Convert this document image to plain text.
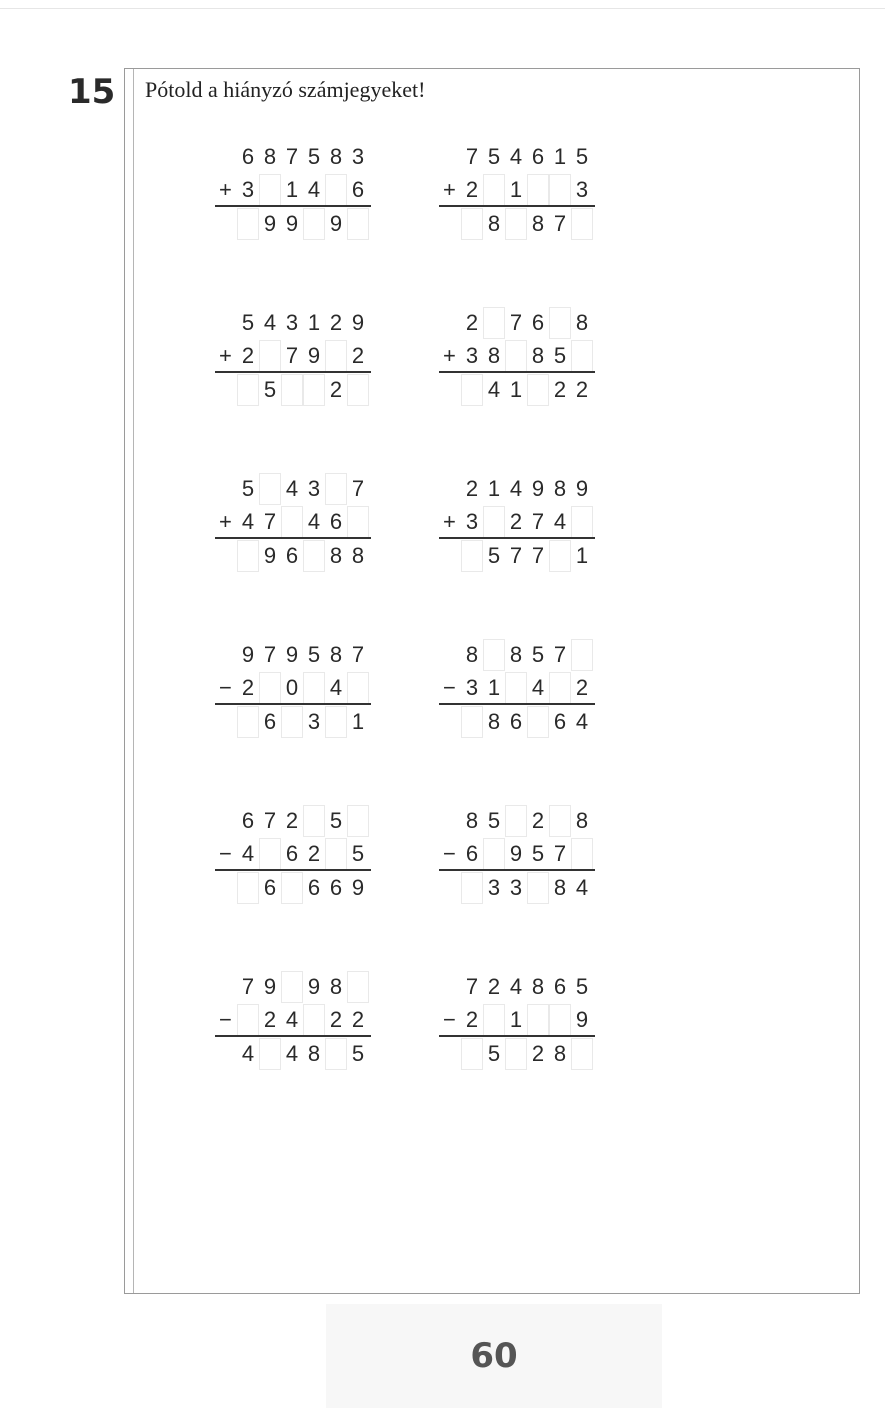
15 Pótold a hiányzó számjegyeket!
6 8 7 5 8 3
3 1 4 6
+
9 9 9
7 5 4 6 1 5
2 1 3
+
8 8 7
5 4 3 1 2 9
2 7 9 2
+
5 2
2 7 6 8
3 8 8 5
+
4 1 2 2
5 4 3 7
4 7 4 6
+
9 6 8 8
2 1 4 9 8 9
3 2 7 4
+
5 7 7 1
9 7 9 5 8 7
2 0 4
−
6 3 1
8 8 5 7
3 1 4 2
−
8 6 6 4
6 7 2 5
4 6 2 5
−
6 6 6 9
8 5 2 8
6 9 5 7
−
3 3 8 4
7 9 9 8
2 4 2 2
−
4 4 8 5
7 2 4 8 6 5
2 1 9
−
5 2 8
60
